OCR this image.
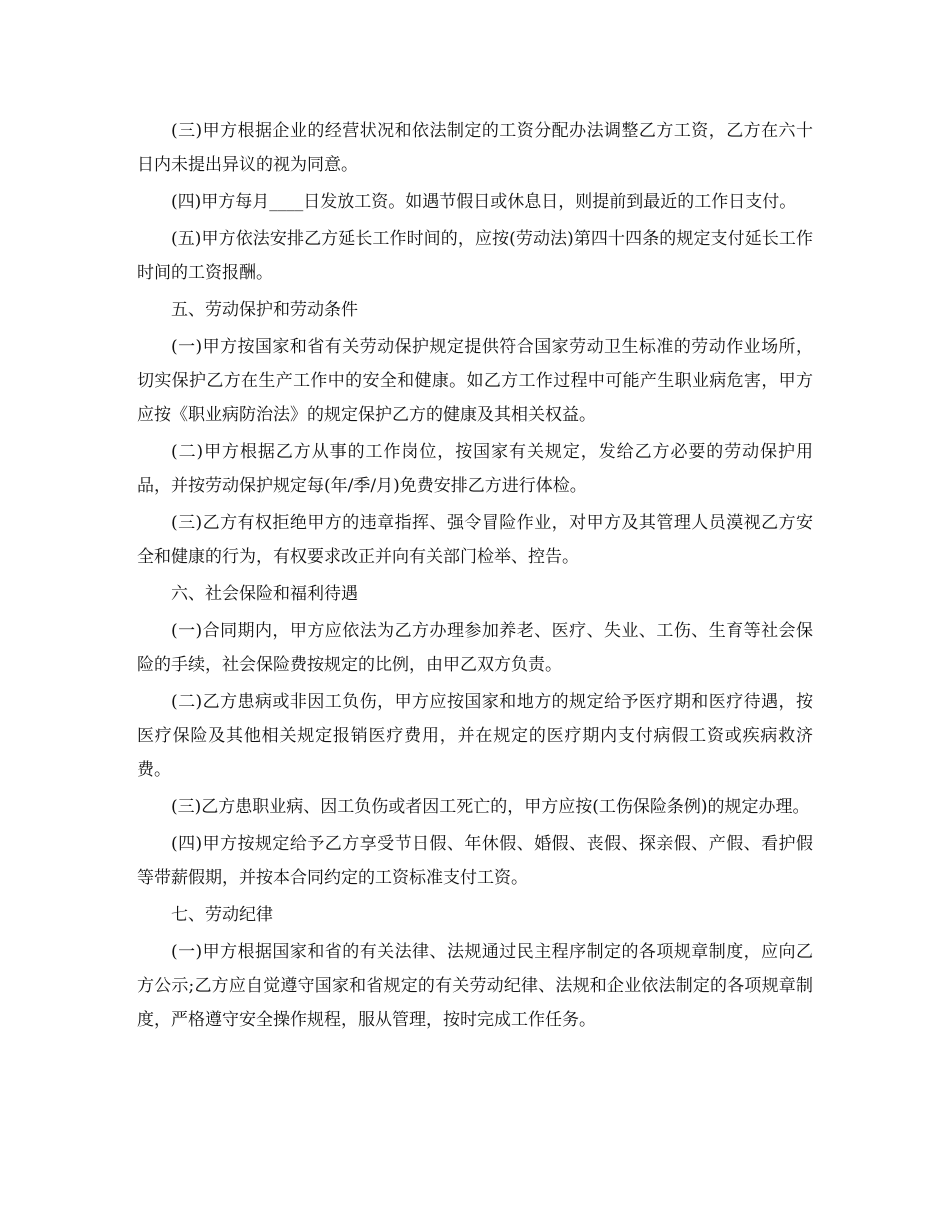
(三)甲方根据企业的经营状况和依法制定的工资分配办法调整乙方工资，乙方在六十日内未提出异议的视为同意。

(四)甲方每月____日发放工资。如遇节假日或休息日，则提前到最近的工作日支付。

(五)甲方依法安排乙方延长工作时间的，应按(劳动法)第四十四条的规定支付延长工作时间的工资报酬。

五、劳动保护和劳动条件

(一)甲方按国家和省有关劳动保护规定提供符合国家劳动卫生标准的劳动作业场所，切实保护乙方在生产工作中的安全和健康。如乙方工作过程中可能产生职业病危害，甲方应按《职业病防治法》的规定保护乙方的健康及其相关权益。

(二)甲方根据乙方从事的工作岗位，按国家有关规定，发给乙方必要的劳动保护用品，并按劳动保护规定每(年/季/月)免费安排乙方进行体检。

(三)乙方有权拒绝甲方的违章指挥、强令冒险作业，对甲方及其管理人员漠视乙方安全和健康的行为，有权要求改正并向有关部门检举、控告。

六、社会保险和福利待遇

(一)合同期内，甲方应依法为乙方办理参加养老、医疗、失业、工伤、生育等社会保险的手续，社会保险费按规定的比例，由甲乙双方负责。

(二)乙方患病或非因工负伤，甲方应按国家和地方的规定给予医疗期和医疗待遇，按医疗保险及其他相关规定报销医疗费用，并在规定的医疗期内支付病假工资或疾病救济费。

(三)乙方患职业病、因工负伤或者因工死亡的，甲方应按(工伤保险条例)的规定办理。

(四)甲方按规定给予乙方享受节日假、年休假、婚假、丧假、探亲假、产假、看护假等带薪假期，并按本合同约定的工资标准支付工资。

七、劳动纪律

(一)甲方根据国家和省的有关法律、法规通过民主程序制定的各项规章制度，应向乙方公示;乙方应自觉遵守国家和省规定的有关劳动纪律、法规和企业依法制定的各项规章制度，严格遵守安全操作规程，服从管理，按时完成工作任务。
